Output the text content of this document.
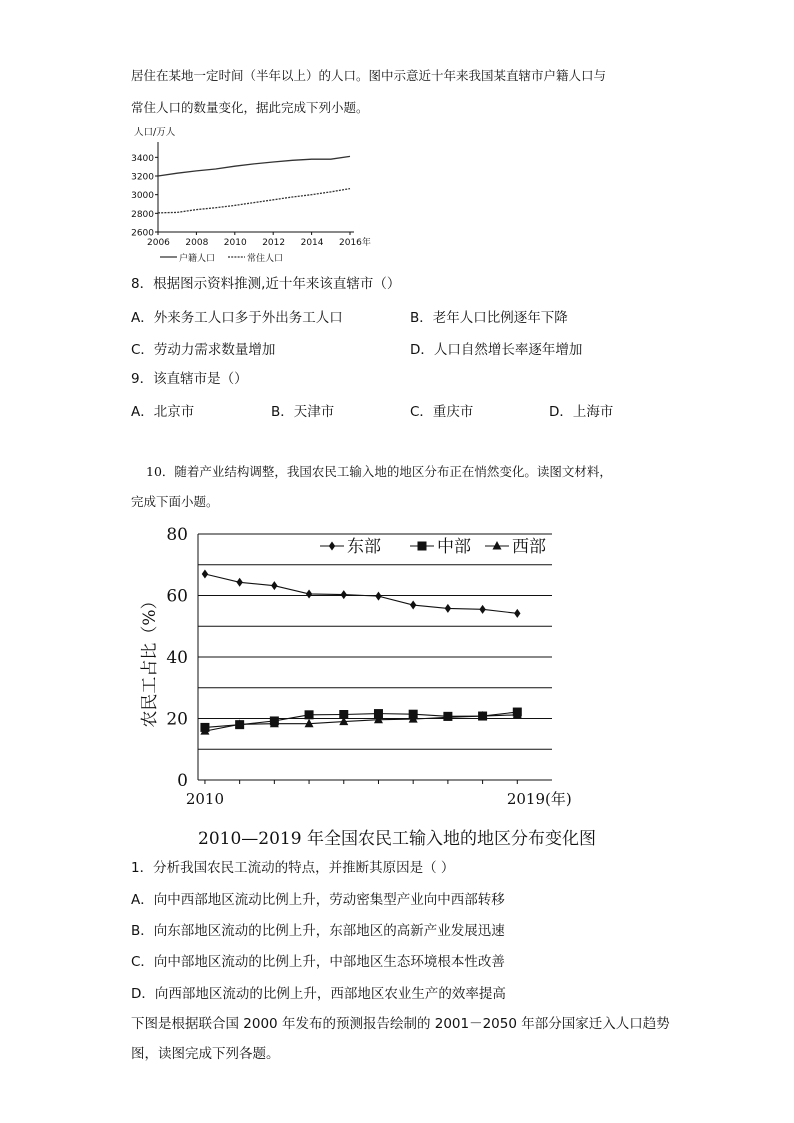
居住在某地一定时间（半年以上）的人口。图中示意近十年来我国某直辖市户籍人口与
常住人口的数量变化，据此完成下列小题。
人口/万人
2600
2800
3000
3200
3400
2006 2008 2010 2012 2014 2016年
户籍人口	常住人口
8．根据图示资料推测,近十年来该直辖市（）
A．外来务工人口多于外出务工人口	B．老年人口比例逐年下降
C．劳动力需求数量增加	D．人口自然增长率逐年增加
9．该直辖市是（）
A．北京市	B．天津市	C．重庆市	D．上海市
10．随着产业结构调整，我国农民工输入地的地区分布正在悄然变化。读图文材料，
完成下面小题。
农民工占比（%）
0
20
40
60
80
2010	2019(年)
东部	中部 西部
2010—2019 年全国农民工输入地的地区分布变化图
1．分析我国农民工流动的特点，并推断其原因是（ ）
A．向中西部地区流动比例上升，劳动密集型产业向中西部转移
B．向东部地区流动的比例上升，东部地区的高新产业发展迅速
C．向中部地区流动的比例上升，中部地区生态环境根本性改善
D．向西部地区流动的比例上升，西部地区农业生产的效率提高
下图是根据联合国 2000 年发布的预测报告绘制的 2001－2050 年部分国家迁入人口趋势
图，读图完成下列各题。
